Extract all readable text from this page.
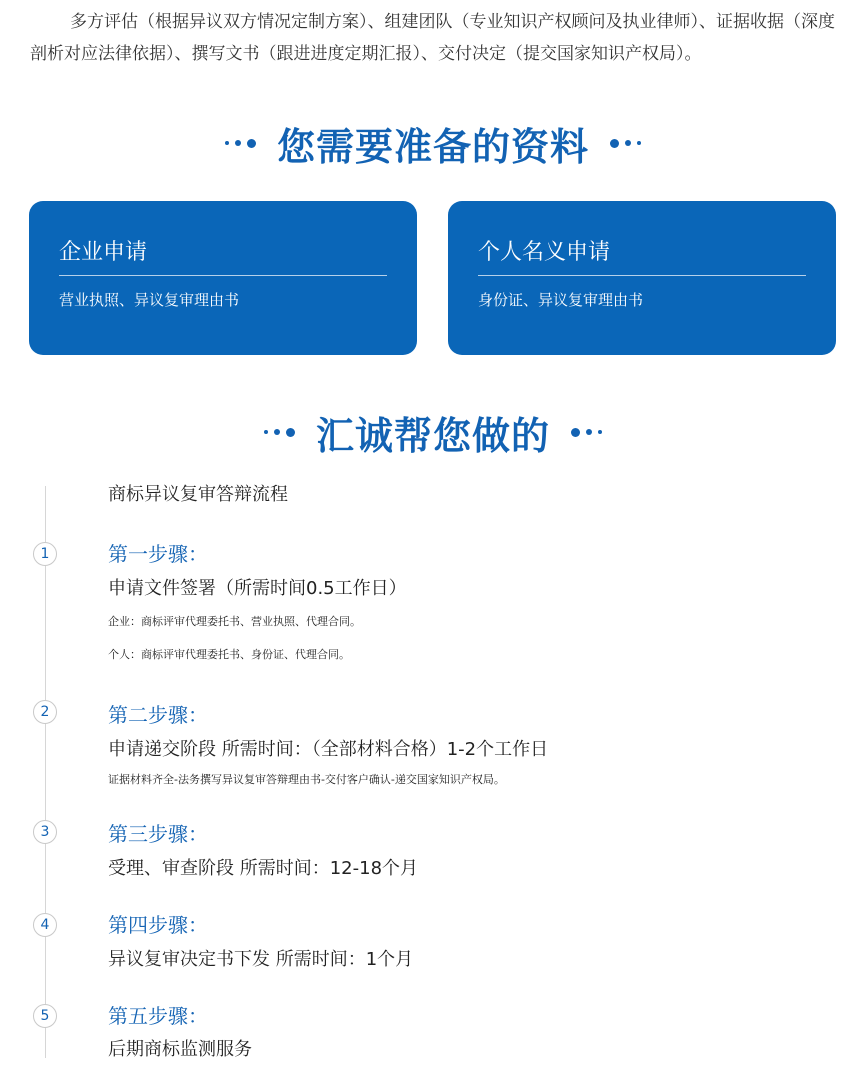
多方评估（根据异议双方情况定制方案）、组建团队（专业知识产权顾问及执业律师）、证据收据（深度剖析对应法律依据）、撰写文书（跟进进度定期汇报）、交付决定（提交国家知识产权局）。

您需要准备的资料
企业申请
营业执照、异议复审理由书
个人名义申请
身份证、异议复审理由书
汇诚帮您做的
商标异议复审答辩流程
1	第一步骤：
申请文件签署（所需时间0.5工作日）
企业：商标评审代理委托书、营业执照、代理合同。
个人：商标评审代理委托书、身份证、代理合同。
2	第二步骤：
申请递交阶段 所需时间：（全部材料合格）1-2个工作日
证据材料齐全-法务撰写异议复审答辩理由书-交付客户确认-递交国家知识产权局。
3	第三步骤：
受理、审查阶段 所需时间：12-18个月
4	第四步骤：
异议复审决定书下发 所需时间：1个月
5	第五步骤：
后期商标监测服务
